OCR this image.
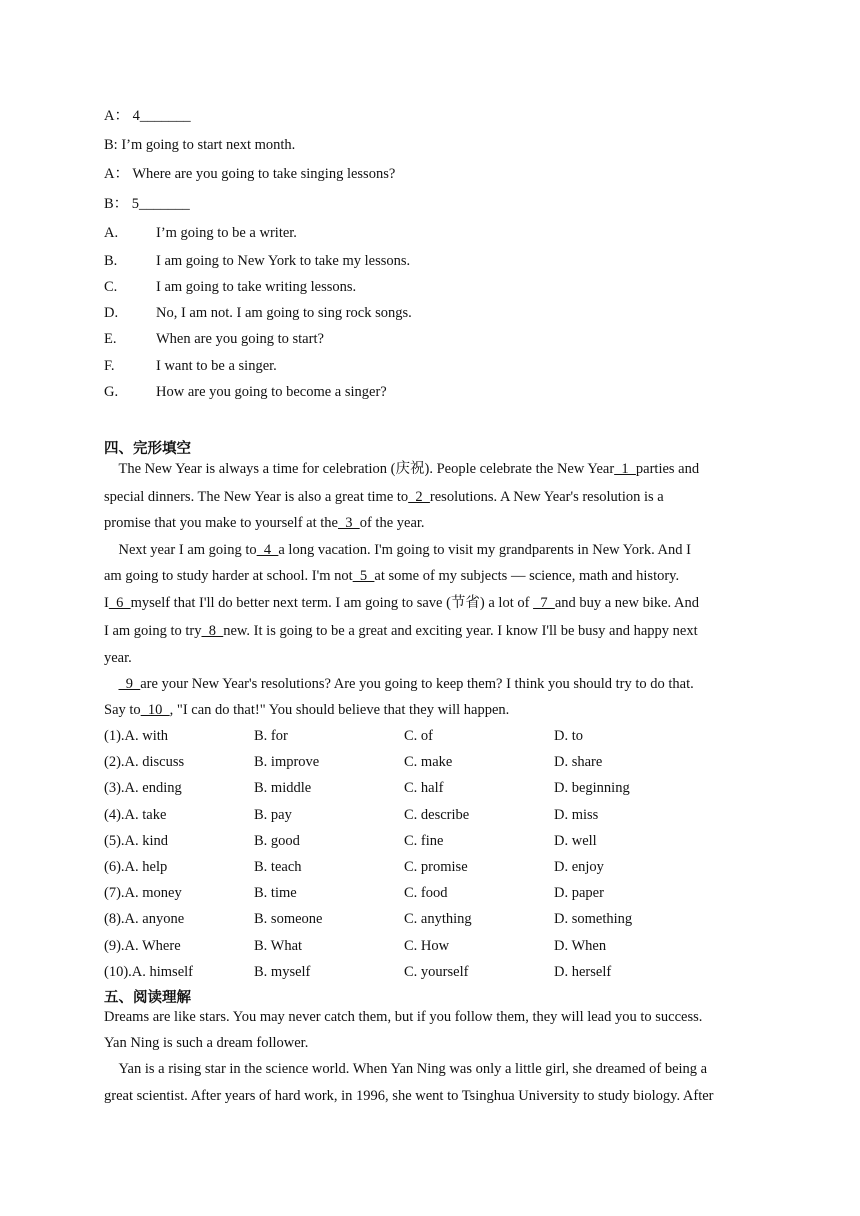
A： 4_______
B: I’m going to start next month.
A： Where are you going to take singing lessons?
B： 5_______
A.	I’m going to be a writer.
B.	I am going to New York to take my lessons.
C.	I am going to take writing lessons.
D.	No, I am not. I am going to sing rock songs.
E.	When are you going to start?
F.	I want to be a singer.
G.	How are you going to become a singer?
四、完形填空
　The New Year is always a time for celebration (庆祝). People celebrate the New Year  1  parties and
special dinners. The New Year is also a great time to  2  resolutions. A New Year's resolution is a
promise that you make to yourself at the  3  of the year.
　Next year I am going to  4  a long vacation. I'm going to visit my grandparents in New York. And I
am going to study harder at school. I'm not  5  at some of my subjects — science, math and history.
I  6  myself that I'll do better next term. I am going to save (节省) a lot of   7  and buy a new bike. And
I am going to try  8  new. It is going to be a great and exciting year. I know I'll be busy and happy next
year.
　  9  are your New Year's resolutions? Are you going to keep them? I think you should try to do that.
Say to  10  , "I can do that!" You should believe that they will happen.
(1).A. with	B. for	C. of	D. to
(2).A. discuss	B. improve	C. make	D. share
(3).A. ending	B. middle	C. half	D. beginning
(4).A. take	B. pay	C. describe	D. miss
(5).A. kind	B. good	C. fine	D. well
(6).A. help	B. teach	C. promise	D. enjoy
(7).A. money	B. time	C. food	D. paper
(8).A. anyone	B. someone	C. anything	D. something
(9).A. Where	B. What	C. How	D. When
(10).A. himself	B. myself	C. yourself	D. herself
五、阅读理解
Dreams are like stars. You may never catch them, but if you follow them, they will lead you to success.
Yan Ning is such a dream follower.
　Yan is a rising star in the science world. When Yan Ning was only a little girl, she dreamed of being a
great scientist. After years of hard work, in 1996, she went to Tsinghua University to study biology. After
